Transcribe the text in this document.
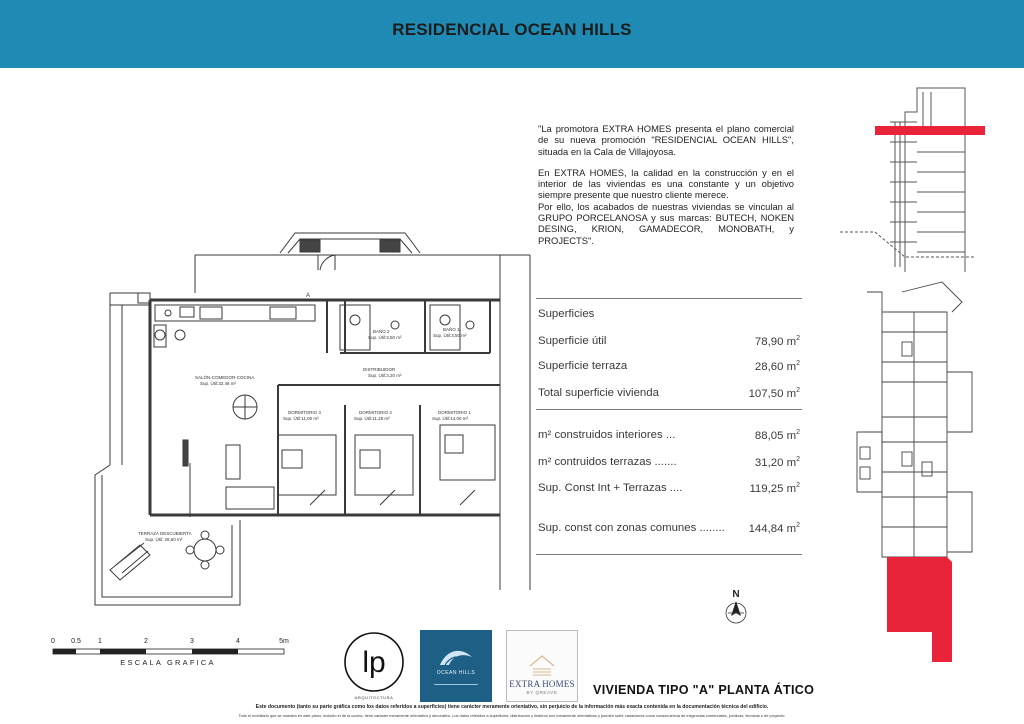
RESIDENCIAL OCEAN HILLS

"La promotora EXTRA HOMES presenta el plano comercial de su nueva promoción "RESIDENCIAL OCEAN HILLS", situada en la Cala de Villajoyosa.

En EXTRA HOMES, la calidad en la construcción y en el interior de las viviendas es una constante y un objetivo siempre presente que nuestro cliente merece.

Por ello, los acabados de nuestras viviendas se vinculan al GRUPO PORCELANOSA y sus marcas: BUTECH, NOKEN DESING, KRION, GAMADECOR, MONOBATH, y PROJECTS".

Superficies
Superficie útil	78,90 $m^2$
Superficie terraza	28,60 $m^2$
Total superficie vivienda	107,50 $m^2$
m² construidos interiores ...	88,05 $m^2$
m² contruidos terrazas .......	31,20 $m^2$
Sup. Const Int + Terrazas ....	119,25 $m^2$
Sup. const con zonas comunes ........ 144,84 $m^2$
SALÓN-COMEDOR-COCINA
Sup. Útil:32,46 m²
DISTRIBUIDOR
Sup. Útil:3,20 m²
BAÑO 2
Sup. Útil:3,50 m²
BAÑO 1
Sup. Útil:3,50 m²
DORMITORIO 3
Sup. Útil:11,00 m²
DORMITORIO 2
Sup. Útil:11,25 m²
DORMITORIO 1
Sup. Útil:14,00 m²
TERRAZA DESCUBIERTA
Sup. Útil: 28,60 m²
A
0 0.5 1	2	3	4	5m
ESCALA GRAFICA
N
lp
ARQUITECTURA
OCEAN HILLS
EXTRA HOMES
BY QREAVE	VIVIENDA TIPO "A" PLANTA ÁTICO
Este documento (tanto su parte gráfica como los datos referidos a superficies) tiene carácter meramente orientativo, sin perjuicio de la información más exacta contenida en la documentación técnica del edificio.
Todo el mobiliario que se muestra en este plano, incluido el de la cocina, tiene carácter meramente orientativo y decorativo. Los datos referidos a superficies, distribución y linderos son meramente orientativos y pueden sufrir variaciones como consecuencia de exigencias comerciales, jurídicas, técnicas o de proyecto.
